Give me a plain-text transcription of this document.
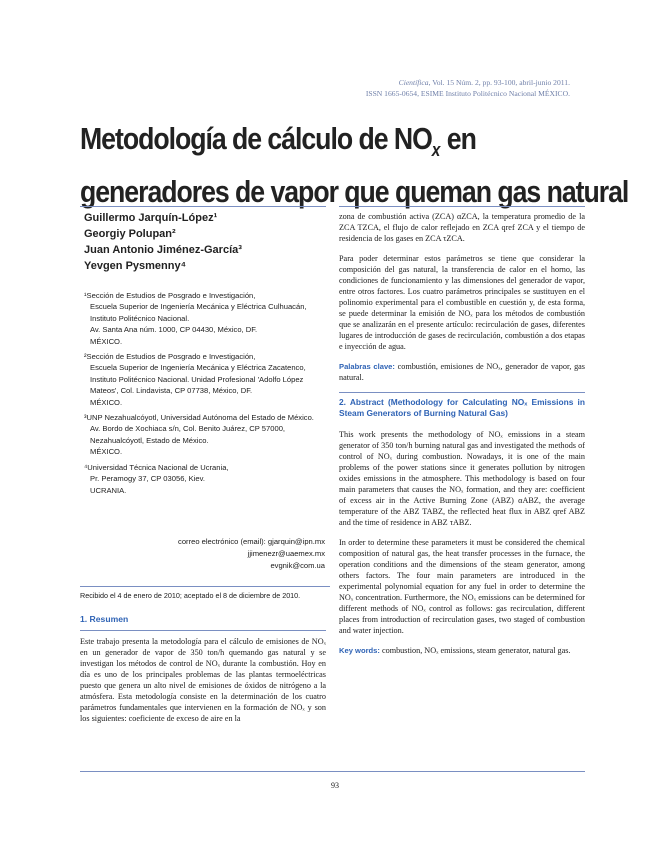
Científica, Vol. 15 Núm. 2, pp. 93-100, abril-junio 2011.
ISSN 1665-0654, ESIME Instituto Politécnico Nacional MÉXICO.
Metodología de cálculo de $NO_x$ en
generadores de vapor que queman gas natural
Guillermo Jarquín-López¹
Georgiy Polupan²
Juan Antonio Jiménez-García³
Yevgen Pysmenny⁴
¹Sección de Estudios de Posgrado e Investigación,
Escuela Superior de Ingeniería Mecánica y Eléctrica Culhuacán,
Instituto Politécnico Nacional.
Av. Santa Ana núm. 1000, CP 04430, México, DF.
MÉXICO.
²Sección de Estudios de Posgrado e Investigación,
Escuela Superior de Ingeniería Mecánica y Eléctrica Zacatenco,
Instituto Politécnico Nacional. Unidad Profesional 'Adolfo López
Mateos', Col. Lindavista, CP 07738, México, DF.
MÉXICO.
³UNP Nezahualcóyotl, Universidad Autónoma del Estado de México.
Av. Bordo de Xochiaca s/n, Col. Benito Juárez, CP 57000,
Nezahualcóyotl, Estado de México.
MÉXICO.
⁴Universidad Técnica Nacional de Ucrania,
Pr. Peramogy 37, CP 03056, Kiev.
UCRANIA.
correo electrónico (email): gjarquin@ipn.mx
jjimenezr@uaemex.mx
evgnik@com.ua
Recibido el 4 de enero de 2010; aceptado el 8 de diciembre de 2010.
1. Resumen

Este trabajo presenta la metodología para el cálculo de emisiones de NOₓ en un generador de vapor de 350 ton/h quemando gas natural y se investigan los métodos de control de NOₓ durante la combustión. Hoy en día es uno de los principales problemas de las plantas termoeléctricas puesto que genera un alto nivel de emisiones de óxidos de nitrógeno a la atmósfera. Esta metodología consiste en la determinación de los cuatro parámetros fundamentales que intervienen en la formación de NOₓ y son los siguientes: coeficiente de exceso de aire en la

zona de combustión activa (ZCA) αZCA, la temperatura promedio de la ZCA TZCA, el flujo de calor reflejado en ZCA qref ZCA y el tiempo de residencia de los gases en ZCA τZCA.

Para poder determinar estos parámetros se tiene que considerar la composición del gas natural, la transferencia de calor en el horno, las condiciones de funcionamiento y las dimensiones del generador de vapor, entre otros factores. Los cuatro parámetros principales se sustituyen en el polinomio experimental para el combustible en cuestión y, de esta forma, se puede determinar la emisión de NOₓ para los métodos de combustión que se analizarán en el presente artículo: recirculación de gases, diferentes lugares de introducción de gases de recirculación, combustión a dos etapas e inyección de agua.

Palabras clave: combustión, emisiones de NOₓ, generador de vapor, gas natural.

2. Abstract (Methodology for Calculating NOₓ Emissions in Steam Generators of Burning Natural Gas)

This work presents the methodology of NOₓ emissions in a steam generator of 350 ton/h burning natural gas and investigated the methods of control of NOₓ during combustion. Nowadays, it is one of the main problems of the power stations since it generates pollution by nitrogen oxides emissions in the atmosphere. This methodology is based on four main parameters that causes the NOₓ formation, and they are: coefficient of excess air in the Active Burning Zone (ABZ) αABZ, the average temperature of the ABZ TABZ, the reflected heat flux in ABZ qref ABZ and the time of residence in ABZ τABZ.

In order to determine these parameters it must be considered the chemical composition of natural gas, the heat transfer processes in the furnace, the operation conditions and the dimensions of the steam generator, among others factors. The four main parameters are introduced in the experimental polynomial equation for any fuel in order to determine the NOₓ concentration. Furthermore, the NOₓ emissions can be determined for different methods of NOₓ control as follows: gas recirculation, different places from introduction of recirculation gases, two staged of combustion and water injection.

Key words: combustion, NOₓ emissions, steam generator, natural gas.

93
